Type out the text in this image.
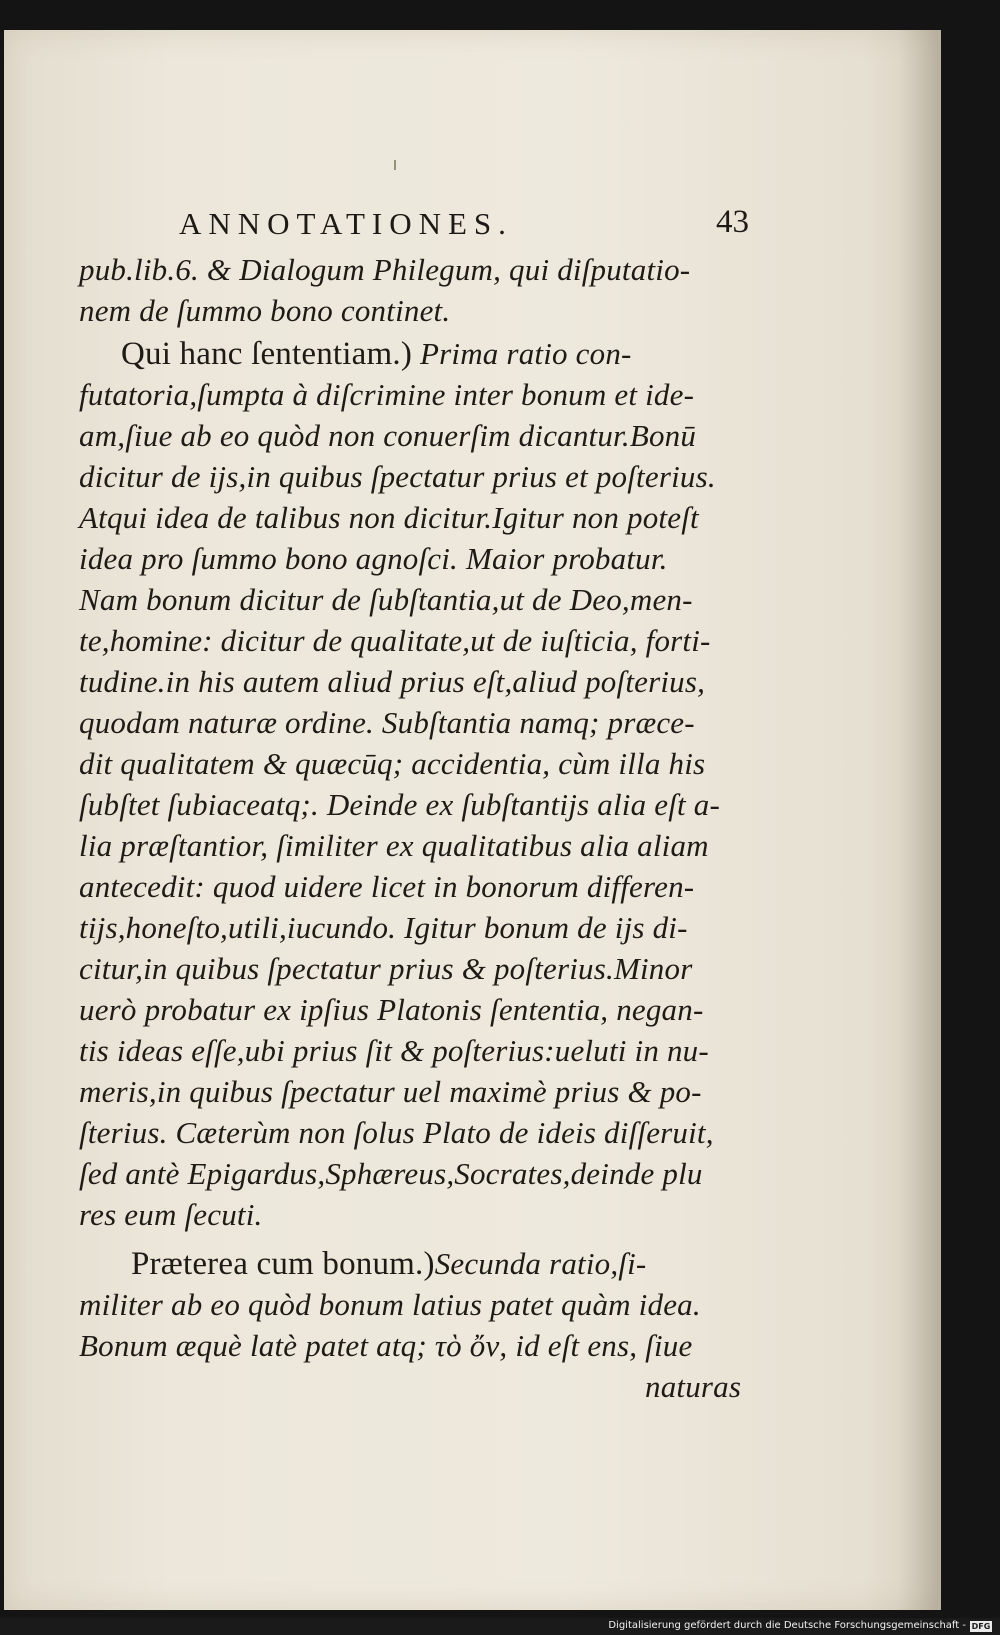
ANNOTATIONES.	43
pub.lib.6. & Dialogum Philegum, qui diſputatio-
nem de ſummo bono continet.
Qui hanc ſententiam.) Prima ratio con-
futatoria,ſumpta à diſcrimine inter bonum et ide-
am,ſiue ab eo quòd non conuerſim dicantur.Bonū
dicitur de ijs,in quibus ſpectatur prius et poſterius.
Atqui idea de talibus non dicitur.Igitur non poteſt
idea pro ſummo bono agnoſci. Maior probatur.
Nam bonum dicitur de ſubſtantia,ut de Deo,men-
te,homine: dicitur de qualitate,ut de iuſticia, forti-
tudine.in his autem aliud prius eſt,aliud poſterius,
quodam naturæ ordine. Subſtantia namq; præce-
dit qualitatem & quæcūq; accidentia, cùm illa his
ſubſtet ſubiaceatq;. Deinde ex ſubſtantijs alia eſt a-
lia præſtantior, ſimiliter ex qualitatibus alia aliam
antecedit: quod uidere licet in bonorum differen-
tijs,honeſto,utili,iucundo. Igitur bonum de ijs di-
citur,in quibus ſpectatur prius & poſterius.Minor
uerò probatur ex ipſius Platonis ſententia, negan-
tis ideas eſſe,ubi prius ſit & poſterius:ueluti in nu-
meris,in quibus ſpectatur uel maximè prius & po-
ſterius. Cæterùm non ſolus Plato de ideis diſſeruit,
ſed antè Epigardus,Sphæreus,Socrates,deinde plu
res eum ſecuti.
Præterea cum bonum.)Secunda ratio,ſi-
militer ab eo quòd bonum latius patet quàm idea.
Bonum æquè latè patet atq; τὸ ὄν, id eſt ens, ſiue
naturas
Digitalisierung gefördert durch die Deutsche Forschungsgemeinschaft - DFG
